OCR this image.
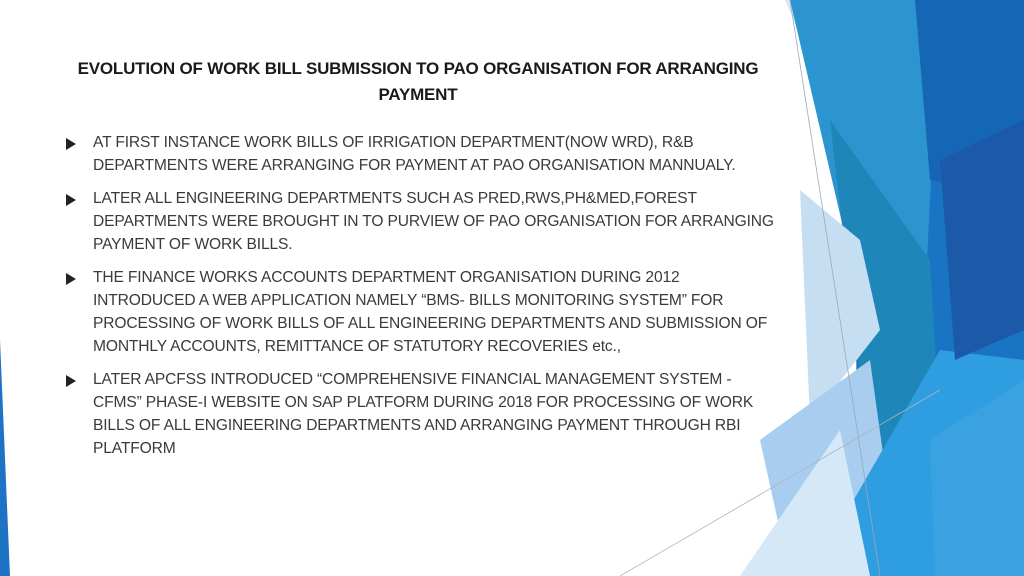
EVOLUTION OF WORK BILL SUBMISSION TO PAO ORGANISATION FOR ARRANGING PAYMENT
AT FIRST INSTANCE WORK BILLS OF IRRIGATION DEPARTMENT(NOW WRD), R&B DEPARTMENTS WERE ARRANGING FOR PAYMENT AT PAO ORGANISATION MANNUALY.
LATER ALL ENGINEERING DEPARTMENTS SUCH AS PRED,RWS,PH&MED,FOREST DEPARTMENTS WERE BROUGHT IN TO PURVIEW OF PAO ORGANISATION FOR ARRANGING PAYMENT OF WORK BILLS.
THE FINANCE WORKS ACCOUNTS DEPARTMENT ORGANISATION DURING 2012 INTRODUCED A WEB APPLICATION NAMELY “BMS- BILLS MONITORING SYSTEM” FOR PROCESSING OF WORK BILLS OF ALL ENGINEERING DEPARTMENTS AND SUBMISSION OF MONTHLY ACCOUNTS, REMITTANCE OF STATUTORY RECOVERIES etc.,
LATER APCFSS INTRODUCED “COMPREHENSIVE FINANCIAL MANAGEMENT SYSTEM - CFMS” PHASE-I WEBSITE ON SAP PLATFORM DURING 2018 FOR PROCESSING OF WORK BILLS OF ALL ENGINEERING DEPARTMENTS AND ARRANGING PAYMENT THROUGH RBI PLATFORM
